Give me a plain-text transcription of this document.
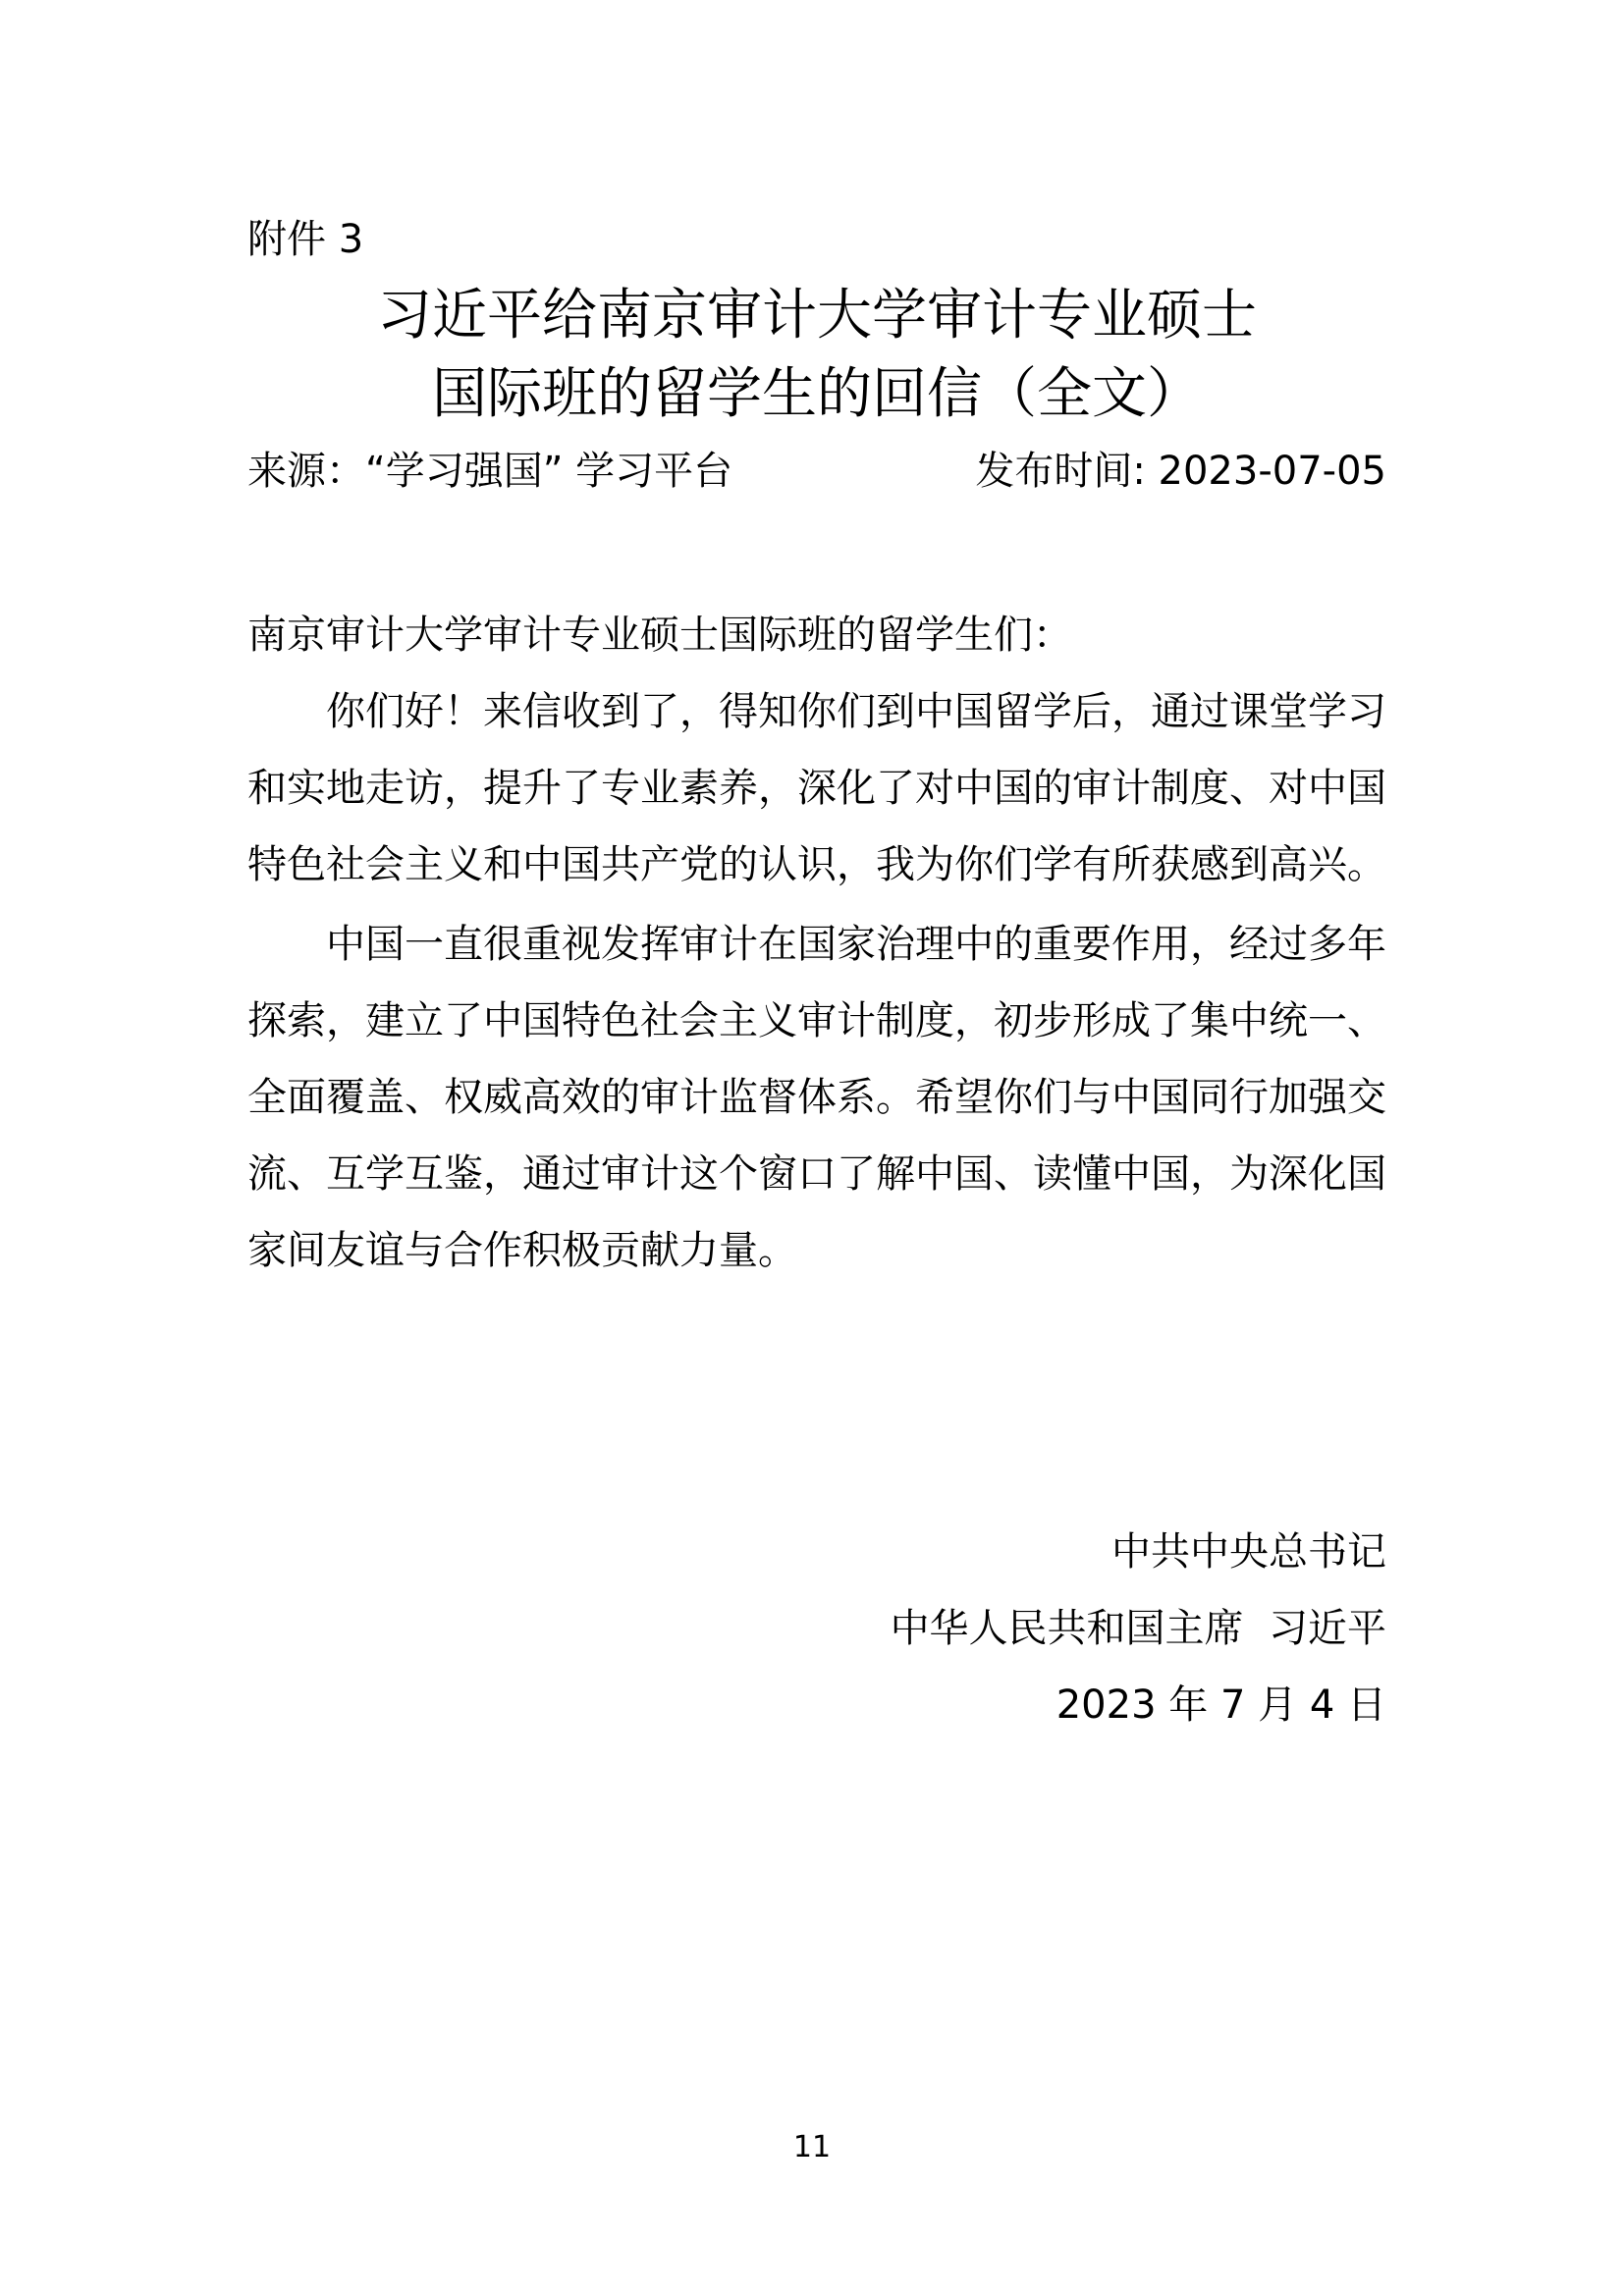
附件 3
习近平给南京审计大学审计专业硕士
国际班的留学生的回信（全文）
来源：“学习强国” 学习平台	发布时间: 2023-07-05

南京审计大学审计专业硕士国际班的留学生们：

你们好！来信收到了，得知你们到中国留学后，通过课堂学习和实地走访，提升了专业素养，深化了对中国的审计制度、对中国特色社会主义和中国共产党的认识，我为你们学有所获感到高兴。

中国一直很重视发挥审计在国家治理中的重要作用，经过多年探索，建立了中国特色社会主义审计制度，初步形成了集中统一、全面覆盖、权威高效的审计监督体系。希望你们与中国同行加强交流、互学互鉴，通过审计这个窗口了解中国、读懂中国，为深化国家间友谊与合作积极贡献力量。

中共中央总书记
中华人民共和国主席  习近平
2023 年 7 月 4 日
11
